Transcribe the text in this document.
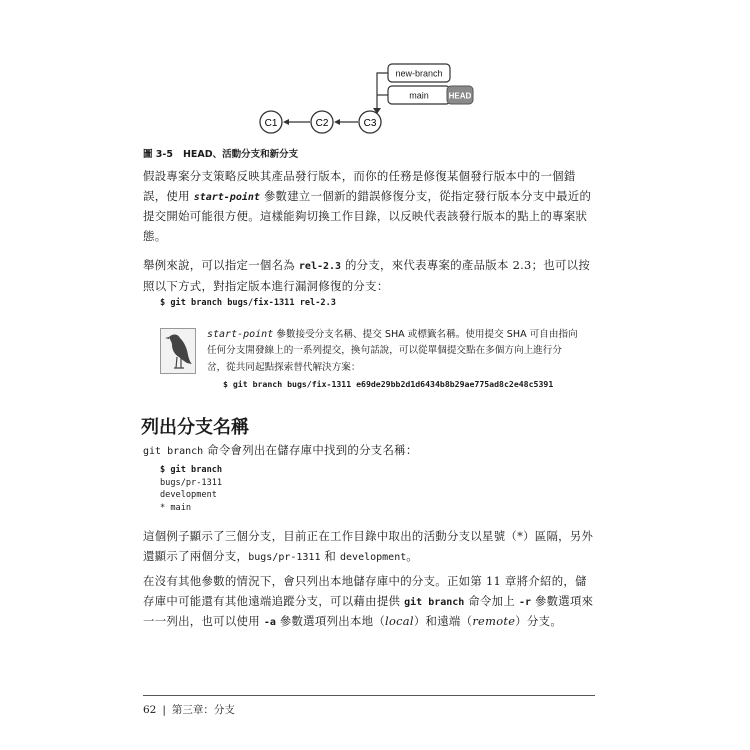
new-branch
main HEAD
C1	C2	C3
圖 3-5 HEAD、活動分支和新分支

假設專案分支策略反映其產品發行版本，而你的任務是修復某個發行版本中的一個錯誤，使用 start-point 參數建立一個新的錯誤修復分支，從指定發行版本分支中最近的提交開始可能很方便。這樣能夠切換工作目錄，以反映代表該發行版本的點上的專案狀態。

舉例來說，可以指定一個名為 rel-2.3 的分支，來代表專案的產品版本 2.3；也可以按照以下方式，對指定版本進行漏洞修復的分支：

$ git branch bugs/fix-1311 rel-2.3

start-point 參數接受分支名稱、提交 SHA 或標籤名稱。使用提交 SHA 可自由指向任何分支開發線上的一系列提交，換句話說，可以從單個提交點在多個方向上進行分岔，從共同起點探索替代解決方案：

$ git branch bugs/fix-1311 e69de29bb2d1d6434b8b29ae775ad8c2e48c5391
列出分支名稱

git branch 命令會列出在儲存庫中找到的分支名稱：

$ git branch
bugs/pr-1311
development
* main

這個例子顯示了三個分支，目前正在工作目錄中取出的活動分支以星號（*）區隔，另外還顯示了兩個分支，bugs/pr-1311 和 development。

在沒有其他參數的情況下，會只列出本地儲存庫中的分支。正如第 11 章將介紹的，儲存庫中可能還有其他遠端追蹤分支，可以藉由提供 git branch 命令加上 -r 參數選項來一一列出，也可以使用 -a 參數選項列出本地（local）和遠端（remote）分支。

62 | 第三章：分支
